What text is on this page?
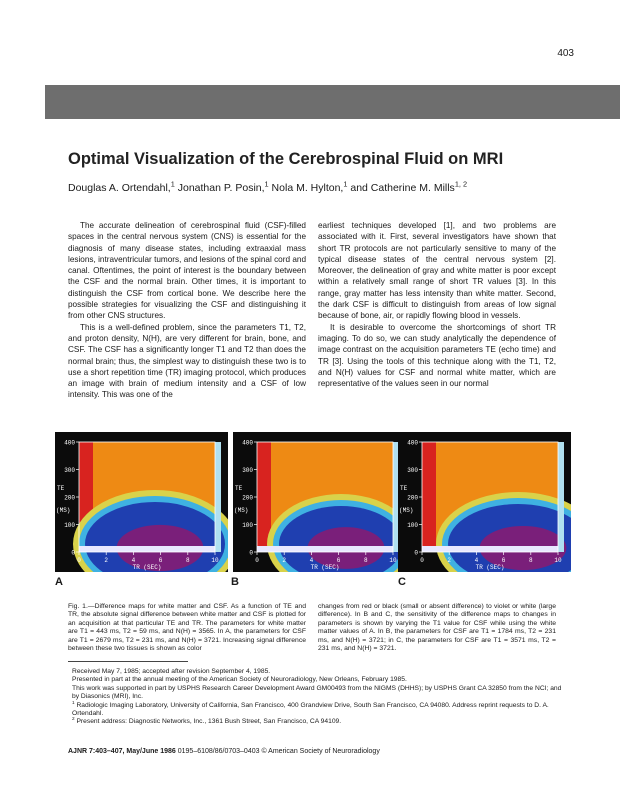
403
Optimal Visualization of the Cerebrospinal Fluid on MRI
Douglas A. Ortendahl,$^1$ Jonathan P. Posin,$^1$ Nola M. Hylton,$^1$ and Catherine M. Mills$^{1, 2}$

The accurate delineation of cerebrospinal fluid (CSF)-filled spaces in the central nervous system (CNS) is essential for the diagnosis of many disease states, including extraaxial mass lesions, intraventricular tumors, and lesions of the spinal cord and canal. Oftentimes, the point of interest is the boundary between the CSF and the normal brain. Other times, it is important to distinguish the CSF from cortical bone. We describe here the possible strategies for visualizing the CSF and distinguishing it from other CNS structures.

This is a well-defined problem, since the parameters T1, T2, and proton density, N(H), are very different for brain, bone, and CSF. The CSF has a significantly longer T1 and T2 than does the normal brain; thus, the simplest way to distinguish these two is to use a short repetition time (TR) imaging protocol, which produces an image with brain of medium intensity and a CSF of low intensity. This was one of the

earliest techniques developed [1], and two problems are associated with it. First, several investigators have shown that short TR protocols are not particularly sensitive to many of the typical disease states of the central nervous system [2]. Moreover, the delineation of gray and white matter is poor except within a relatively small range of short TR values [3]. In this range, gray matter has less intensity than white matter. Second, the dark CSF is difficult to distinguish from areas of low signal because of bone, air, or rapidly flowing blood in vessels.

It is desirable to overcome the shortcomings of short TR imaging. To do so, we can study analytically the dependence of image contrast on the acquisition parameters TE (echo time) and TR [3]. Using the tools of this technique along with the T1, T2, and N(H) values for CSF and normal white matter, which are representative of the values seen in our normal

400
300
200
100
0
0	2	4	6	8	10
TE
(MS)
TR (SEC)
400
300
200
100
0
0	2	4	6	8	10
TE
(MS)
TR (SEC)
400
300
200
100
0
0	2	4	6	8	10
TE
(MS)
TR (SEC)
A	B	C
Fig. 1.—Difference maps for white matter and CSF. As a function of TE and TR, the absolute signal difference between white matter and CSF is plotted for an acquisition at that particular TE and TR. The parameters for white matter are T1 = 443 ms, T2 = 59 ms, and N(H) = 3565. In A, the parameters for CSF are T1 = 2679 ms, T2 = 231 ms, and N(H) = 3721. Increasing signal difference between these two tissues is shown as color
changes from red or black (small or absent difference) to violet or white (large difference). In B and C, the sensitivity of the difference maps to changes in parameters is shown by varying the T1 value for CSF while using the white matter values of A. In B, the parameters for CSF are T1 = 1784 ms, T2 = 231 ms, and N(H) = 3721; in C, the parameters for CSF are T1 = 3571 ms, T2 = 231 ms, and N(H) = 3721.
Received May 7, 1985; accepted after revision September 4, 1985.
Presented in part at the annual meeting of the American Society of Neuroradiology, New Orleans, February 1985.
This work was supported in part by USPHS Research Career Development Award GM00493 from the NIGMS (DHHS); by USPHS Grant CA 32850 from the NCI; and by Diasonics (MRI), Inc.
$^1$ Radiologic Imaging Laboratory, University of California, San Francisco, 400 Grandview Drive, South San Francisco, CA 94080. Address reprint requests to D. A. Ortendahl.
$^2$ Present address: Diagnostic Networks, Inc., 1361 Bush Street, San Francisco, CA 94109.
AJNR 7:403–407, May/June 1986 0195–6108/86/0703–0403 © American Society of Neuroradiology
